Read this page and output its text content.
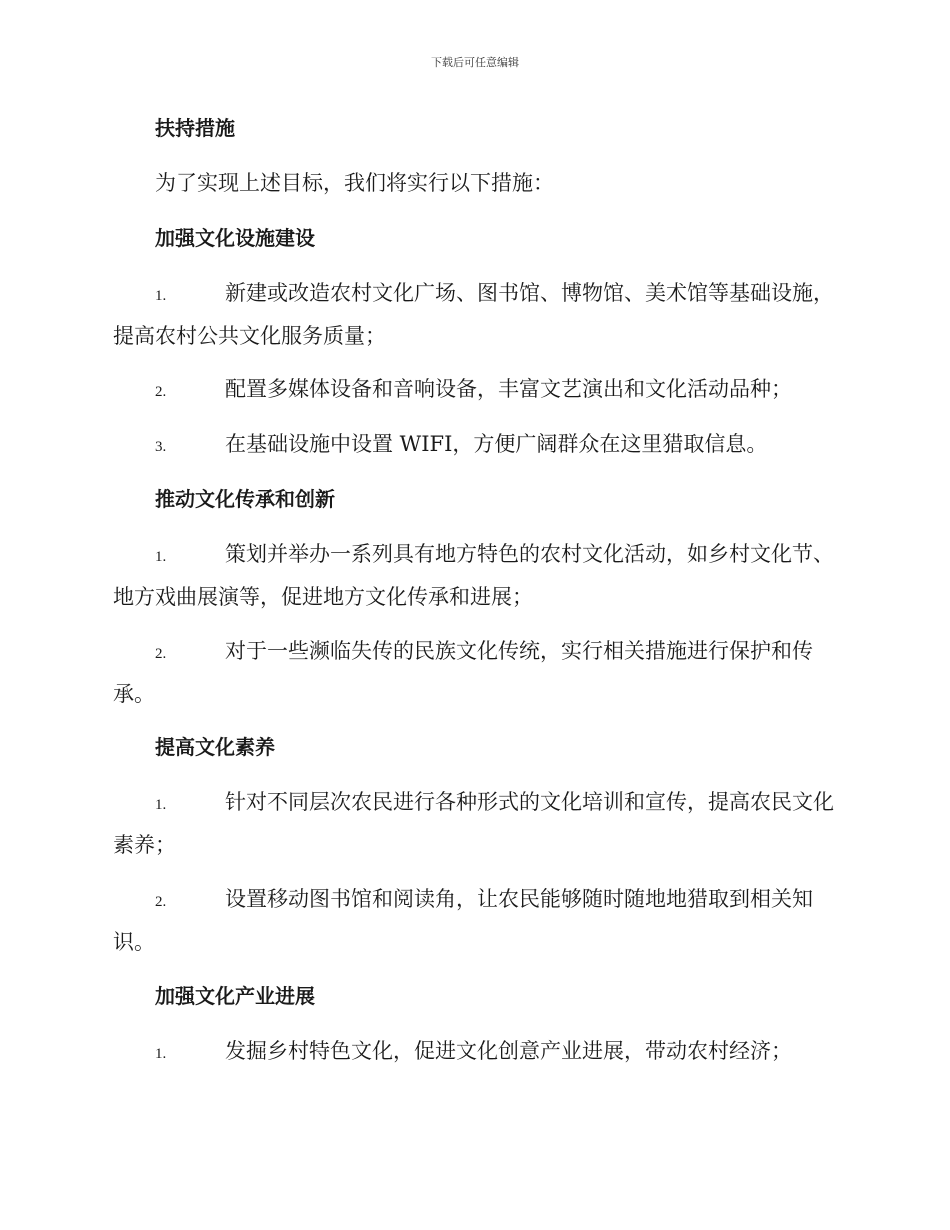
下载后可任意编辑
扶持措施
为了实现上述目标，我们将实行以下措施：
加强文化设施建设
1.	新建或改造农村文化广场、图书馆、博物馆、美术馆等基础设施，提高农村公共文化服务质量；
2.	配置多媒体设备和音响设备，丰富文艺演出和文化活动品种；
3.	在基础设施中设置 WIFI，方便广阔群众在这里猎取信息。
推动文化传承和创新
1.	策划并举办一系列具有地方特色的农村文化活动，如乡村文化节、地方戏曲展演等，促进地方文化传承和进展；
2.	对于一些濒临失传的民族文化传统，实行相关措施进行保护和传承。
提高文化素养
1.	针对不同层次农民进行各种形式的文化培训和宣传，提高农民文化素养；
2.	设置移动图书馆和阅读角，让农民能够随时随地地猎取到相关知识。
加强文化产业进展
1.	发掘乡村特色文化，促进文化创意产业进展，带动农村经济；
